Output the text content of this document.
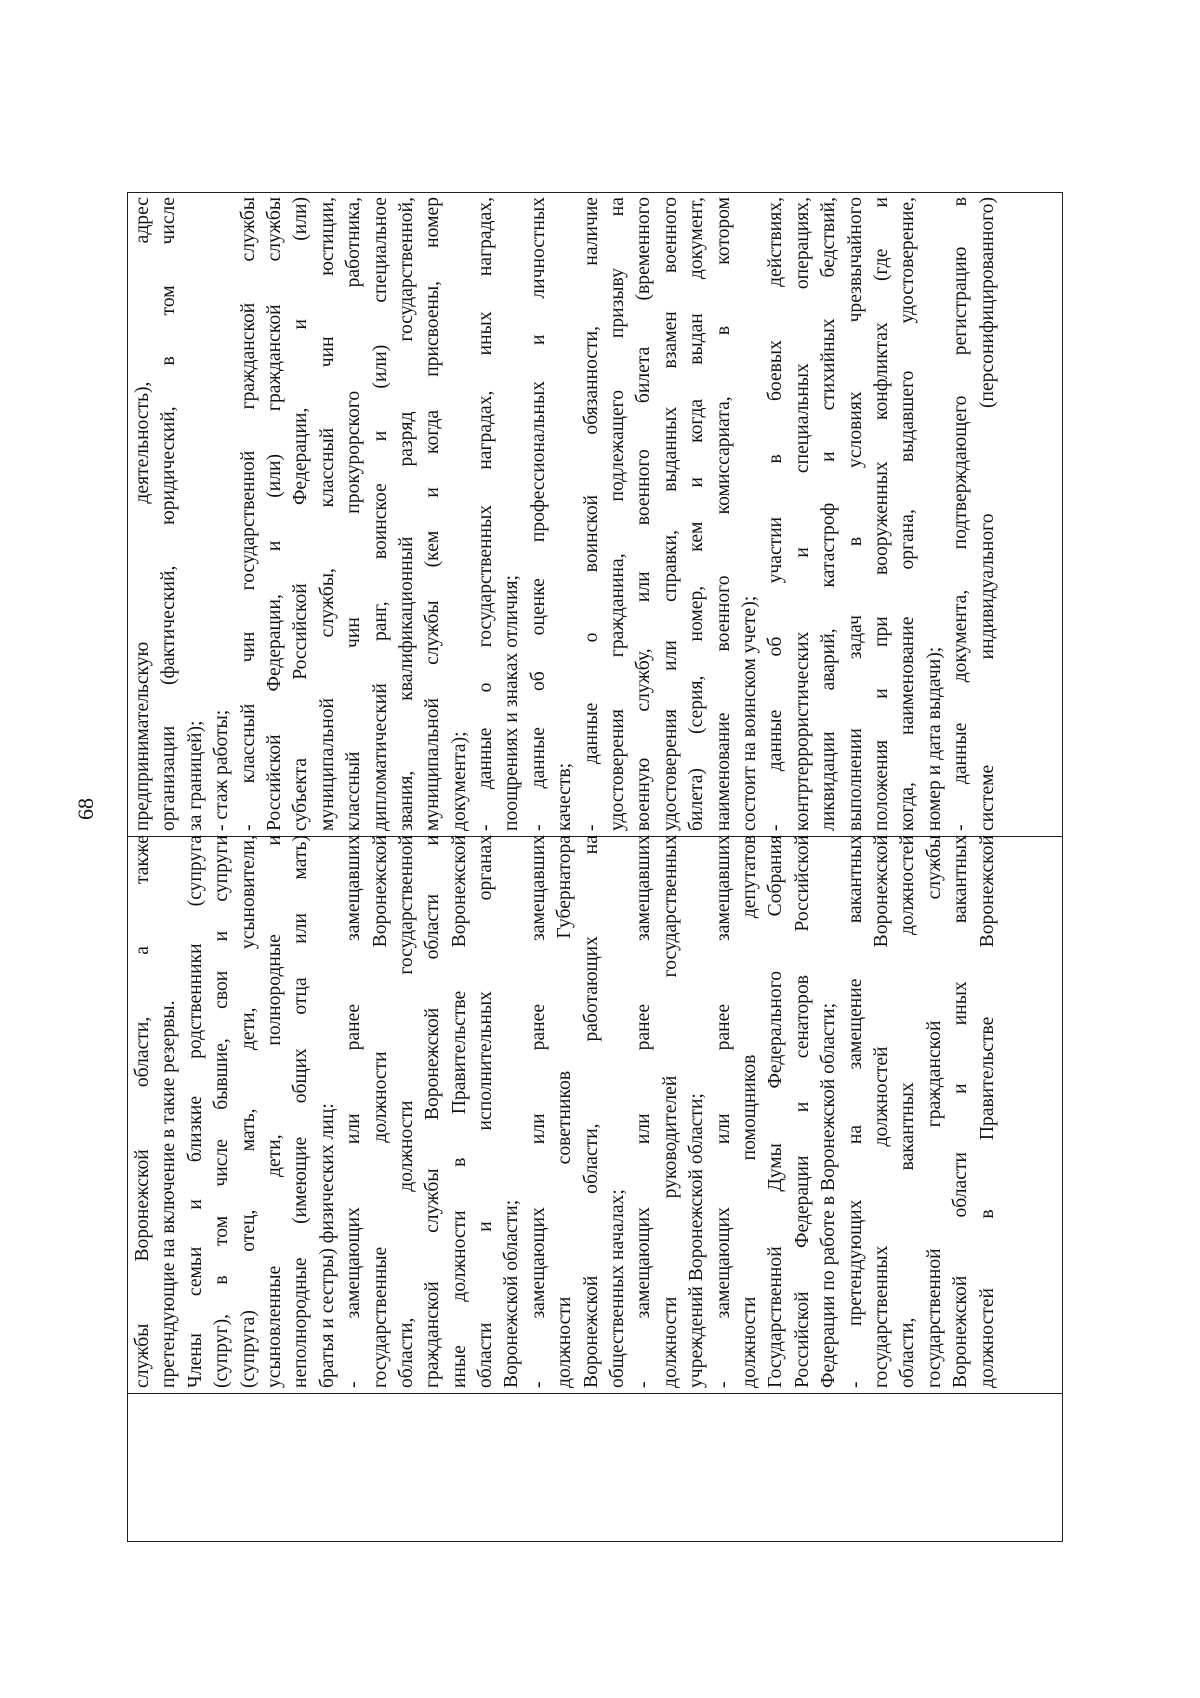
68
службы Воронежской области, а также претендующие на включение в такие резервы. Члены семьи и близкие родственники (супруга (супруг), в том числе бывшие, свои и супруги (супруга) отец, мать, дети, усыновители, усыновленные дети, полнородные и неполнородные (имеющие общих отца или мать) братья и сестры) физических лиц: - замещающих или ранее замещавших государственные должности Воронежской области, должности государственной гражданской службы Воронежской области и иные должности в Правительстве Воронежской области и исполнительных органах Воронежской области; - замещающих или ранее замещавших должности советников Губернатора Воронежской области, работающих на общественных началах; - замещающих или ранее замещавших должности руководителей государственных учреждений Воронежской области; - замещающих или ранее замещавших должности помощников депутатов Государственной Думы Федерального Собрания Российской Федерации и сенаторов Российской Федерации по работе в Воронежской области; - претендующих на замещение вакантных государственных должностей Воронежской области, вакантных должностей государственной гражданской службы Воронежской области и иных вакантных должностей в Правительстве Воронежской
предпринимательскую деятельность), адрес организации (фактический, юридический, в том числе за границей); - стаж работы; - классный чин государственной гражданской службы Российской Федерации, и (или) гражданской службы субъекта Российской Федерации, и (или) муниципальной службы, классный чин юстиции, классный чин прокурорского работника, дипломатический ранг, воинское и (или) специальное звания, квалификационный разряд государственной, муниципальной службы (кем и когда присвоены, номер документа); - данные о государственных наградах, иных наградах, поощрениях и знаках отличия; - данные об оценке профессиональных и личностных качеств; - данные о воинской обязанности, наличие удостоверения гражданина, подлежащего призыву на военную службу, или военного билета (временного удостоверения или справки, выданных взамен военного билета) (серия, номер, кем и когда выдан документ, наименование военного комиссариата, в котором состоит на воинском учете); - данные об участии в боевых действиях, контртеррористических и специальных операциях, ликвидации аварий, катастроф и стихийных бедствий, выполнении задач в условиях чрезвычайного положения и при вооруженных конфликтах (где и когда, наименование органа, выдавшего удостоверение, номер и дата выдачи); - данные документа, подтверждающего регистрацию в системе индивидуального (персонифицированного)
